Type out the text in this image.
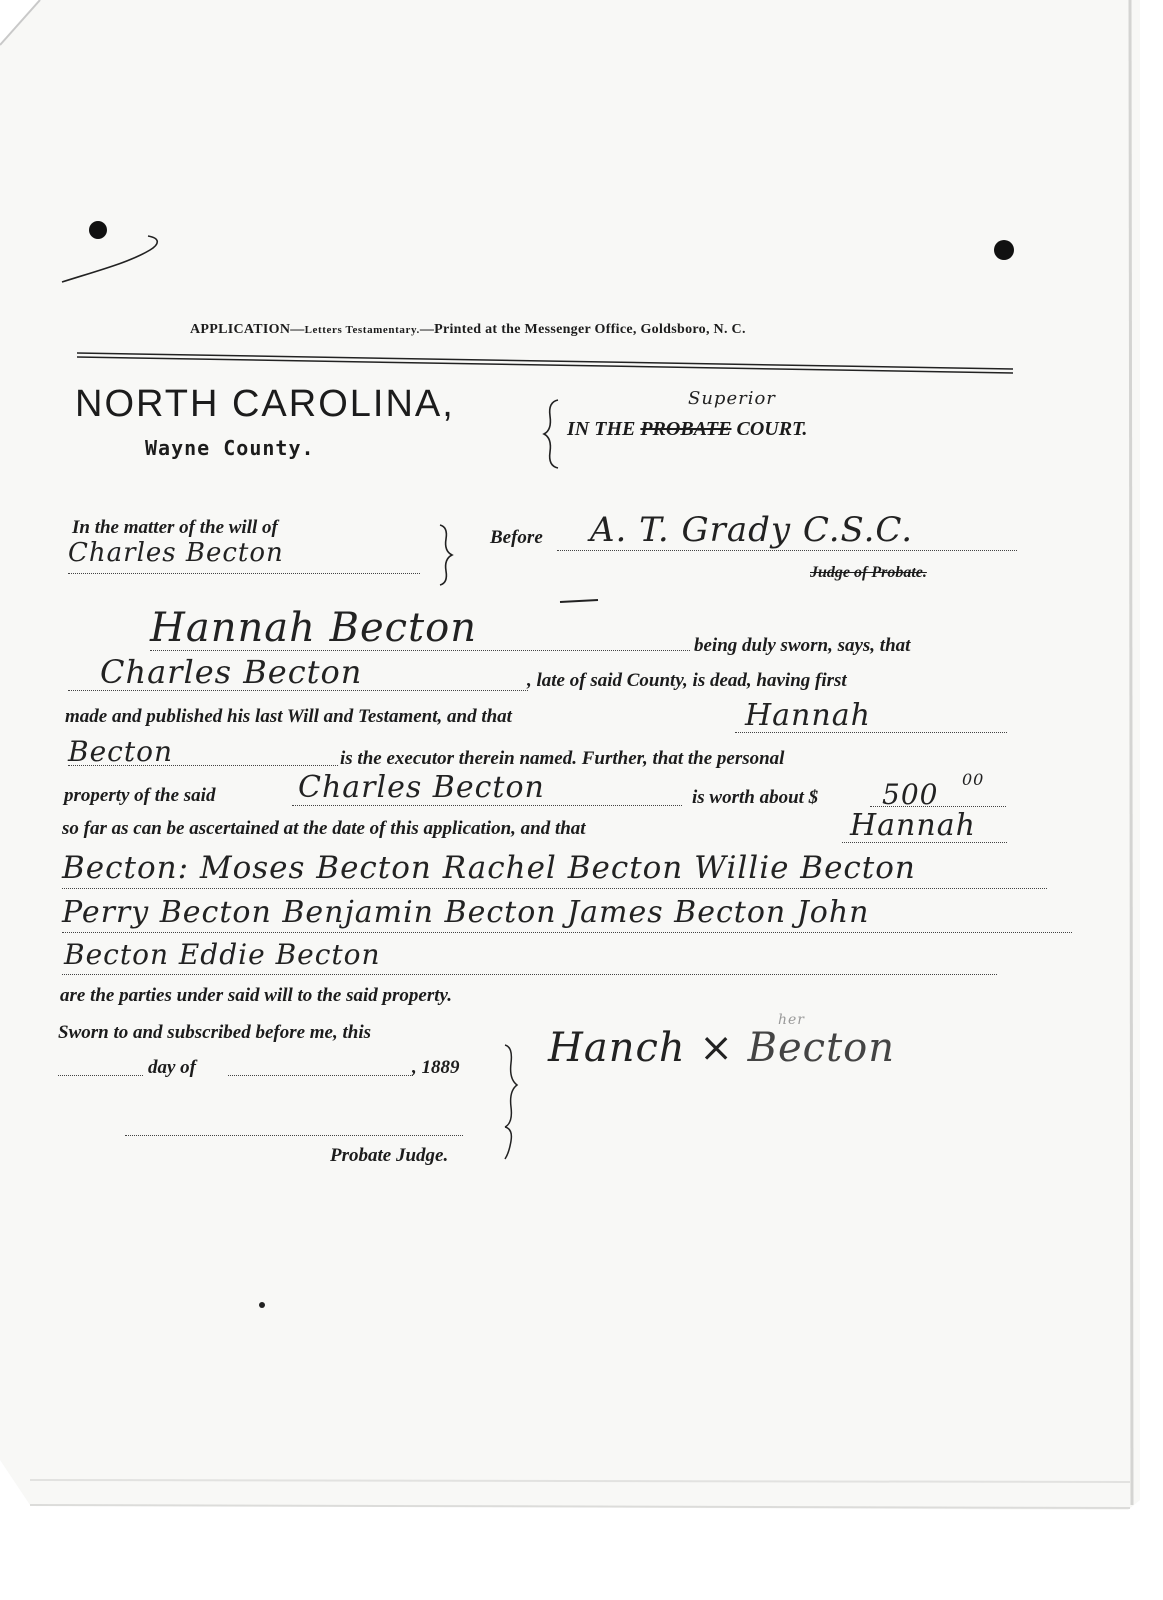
APPLICATION—Letters Testamentary.—Printed at the Messenger Office, Goldsboro, N. C.
NORTH CAROLINA,
Wayne County.
IN THE PROBATE COURT.
Superior
In the matter of the will of
Charles Becton
Before A. T. Grady C.S.C.
Judge of Probate.
Hannah Becton	being duly sworn, says, that
Charles Becton	, late of said County, is dead, having first
made and published his last Will and Testament, and that	Hannah
Becton	is the executor therein named. Further, that the personal
property of the said	Charles Becton	is worth about $ 500 00
so far as can be ascertained at the date of this application, and that	Hannah
Becton: Moses Becton Rachel Becton Willie Becton
Perry Becton Benjamin Becton James Becton John
Becton Eddie Becton
are the parties under said will to the said property.
Sworn to and subscribed before me, this
day of	, 1889
Probate Judge.
Hanch × Becton
her
